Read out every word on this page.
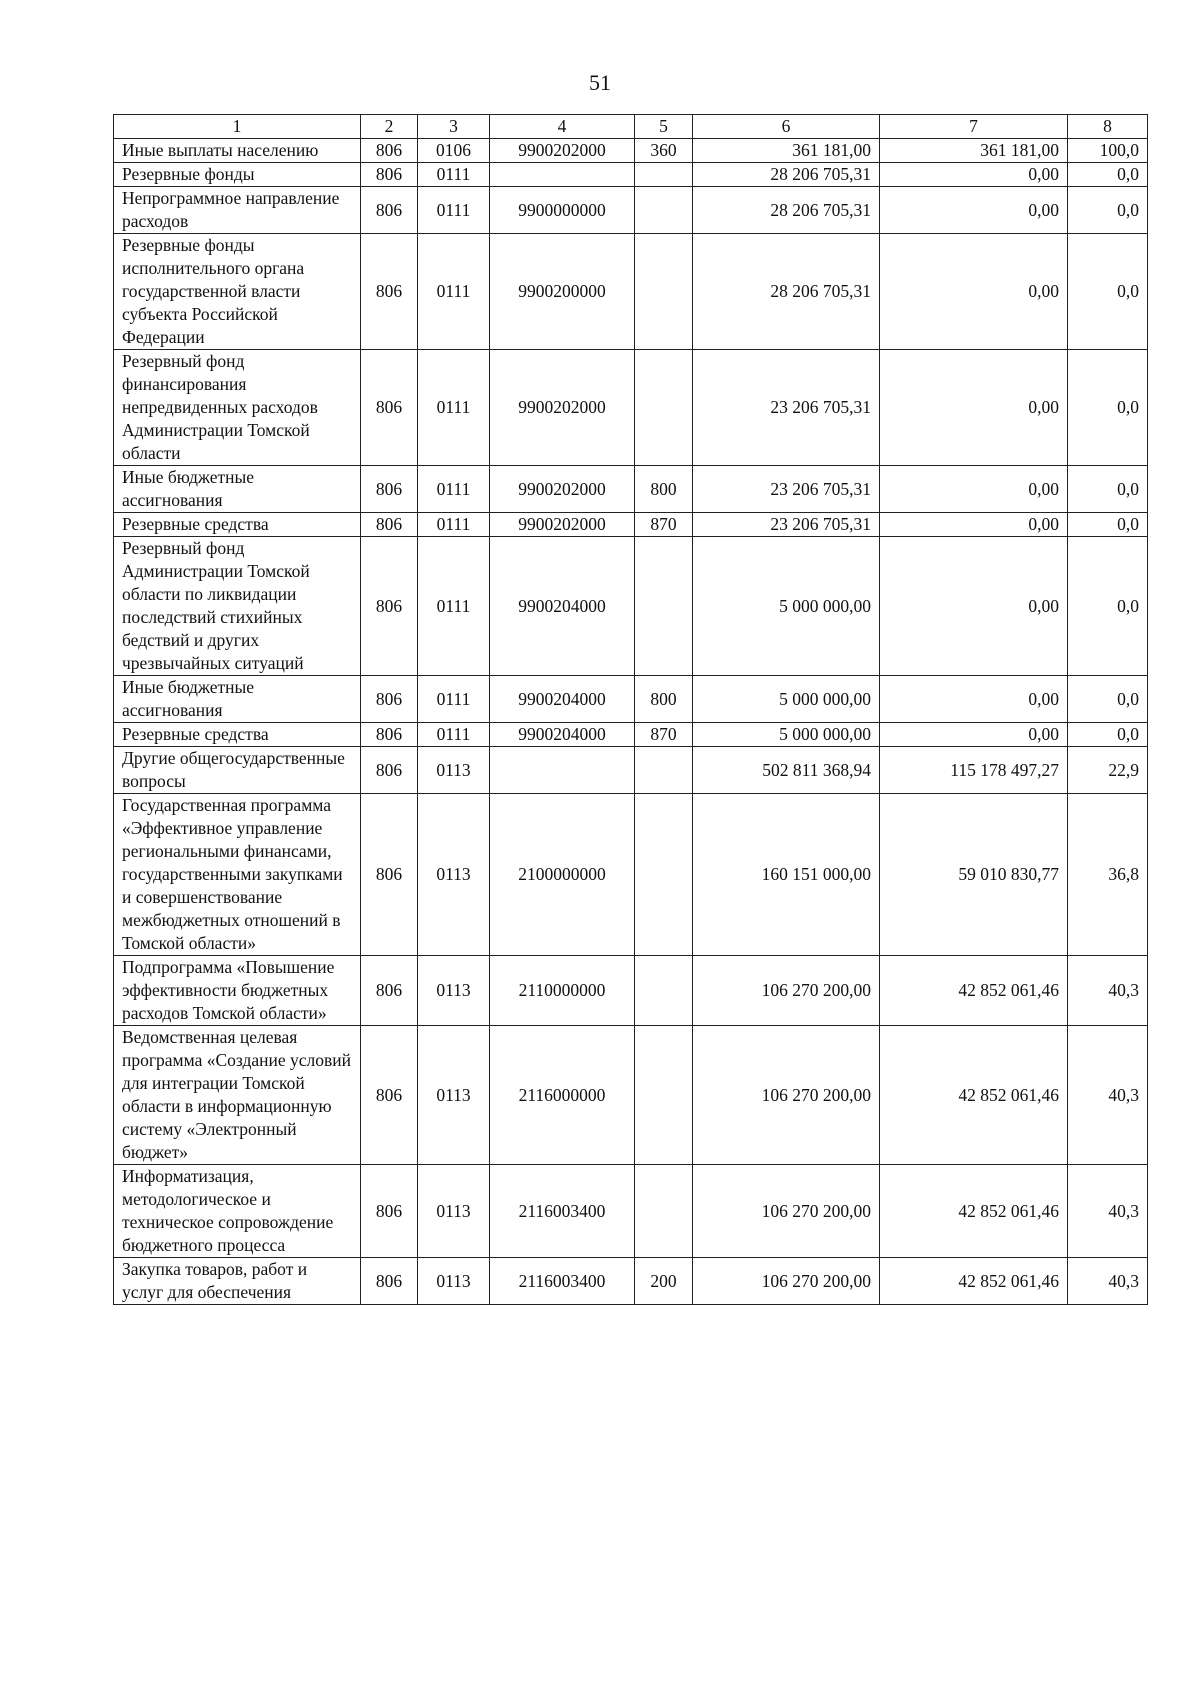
51
1	2	3	4	5	6	7	8
Иные выплаты населению	806	0106	9900202000	360	361 181,00	361 181,00	100,0
Резервные фонды	806	0111			28 206 705,31	0,00	0,0
Непрограммное направление расходов	806	0111	9900000000		28 206 705,31	0,00	0,0
Резервные фонды исполнительного органа государственной власти субъекта Российской Федерации	806	0111	9900200000		28 206 705,31	0,00	0,0
Резервный фонд финансирования непредвиденных расходов Администрации Томской области	806	0111	9900202000		23 206 705,31	0,00	0,0
Иные бюджетные ассигнования	806	0111	9900202000	800	23 206 705,31	0,00	0,0
Резервные средства	806	0111	9900202000	870	23 206 705,31	0,00	0,0
Резервный фонд Администрации Томской области по ликвидации последствий стихийных бедствий и других чрезвычайных ситуаций	806	0111	9900204000		5 000 000,00	0,00	0,0
Иные бюджетные ассигнования	806	0111	9900204000	800	5 000 000,00	0,00	0,0
Резервные средства	806	0111	9900204000	870	5 000 000,00	0,00	0,0
Другие общегосударственные вопросы	806	0113			502 811 368,94	115 178 497,27	22,9
Государственная программа «Эффективное управление региональными финансами, государственными закупками и совершенствование межбюджетных отношений в Томской области»	806	0113	2100000000		160 151 000,00	59 010 830,77	36,8
Подпрограмма «Повышение эффективности бюджетных расходов Томской области»	806	0113	2110000000		106 270 200,00	42 852 061,46	40,3
Ведомственная целевая программа «Создание условий для интеграции Томской области в информационную систему «Электронный бюджет»	806	0113	2116000000		106 270 200,00	42 852 061,46	40,3
Информатизация, методологическое и техническое сопровождение бюджетного процесса	806	0113	2116003400		106 270 200,00	42 852 061,46	40,3
Закупка товаров, работ и услуг для обеспечения	806	0113	2116003400	200	106 270 200,00	42 852 061,46	40,3
